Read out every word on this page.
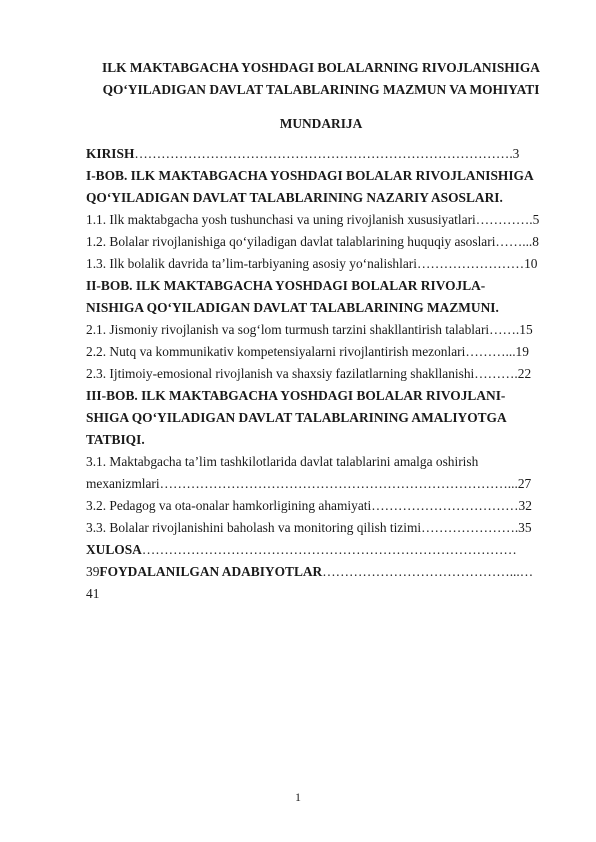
ILK MAKTABGACHA YOSHDAGI BOLALARNING RIVOJLANISHIGA
QO‘YILADIGAN DAVLAT TALABLARINING MAZMUN VA MOHIYATI
MUNDARIJA
KIRISH………………………………………………………………………….3
I-BOB. ILK MAKTABGACHA YOSHDAGI BOLALAR RIVOJLANISHIGA
QO‘YILADIGAN DAVLAT TALABLARINING NAZARIY ASOSLARI.
1.1. Ilk maktabgacha yosh tushunchasi va uning rivojlanish xususiyatlari………….5
1.2. Bolalar rivojlanishiga qo‘yiladigan davlat talablarining huquqiy asoslari……...8
1.3. Ilk bolalik davrida ta’lim-tarbiyaning asosiy yo‘nalishlari……………………10
II-BOB. ILK MAKTABGACHA YOSHDAGI BOLALAR RIVOJLA-
NISHIGA QO‘YILADIGAN DAVLAT TALABLARINING MAZMUNI.
2.1. Jismoniy rivojlanish va sog‘lom turmush tarzini shakllantirish talablari…….15
2.2. Nutq va kommunikativ kompetensiyalarni rivojlantirish mezonlari………...19
2.3. Ijtimoiy-emosional rivojlanish va shaxsiy fazilatlarning shakllanishi……….22
III-BOB. ILK MAKTABGACHA YOSHDAGI BOLALAR RIVOJLANI-
SHIGA QO‘YILADIGAN DAVLAT TALABLARINING AMALIYOTGA
TATBIQI.
3.1. Maktabgacha ta’lim tashkilotlarida davlat talablarini amalga oshirish
mexanizmlari……………………………………………………………………...27
3.2. Pedagog va ota-onalar hamkorligining ahamiyati……………………………32
3.3. Bolalar rivojlanishini baholash va monitoring qilish tizimi………………….35
XULOSA…………………………………………………………………………
39FOYDALANILGAN ADABIYOTLAR……………………………………...…
41
1
